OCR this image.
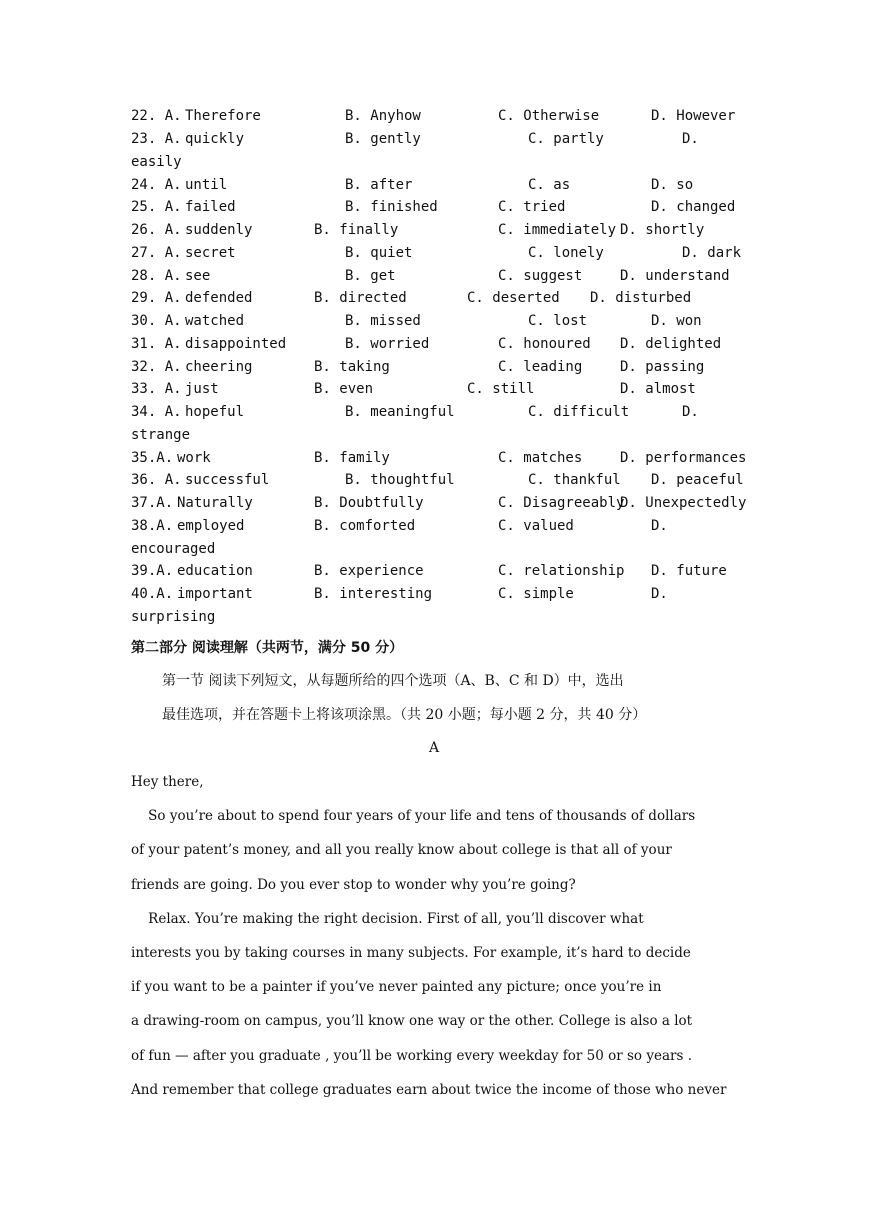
22. A. Therefore	B. Anyhow	C. Otherwise	D. However
23. A. quickly	B. gently	C. partly	D.
easily
24. A. until	B. after	C. as	D. so
25. A. failed	B. finished	C. tried	D. changed
26. A. suddenly	B. finally	C. immediately D. shortly
27. A. secret	B. quiet	C. lonely	D. dark
28. A. see	B. get	C. suggest	D. understand
29. A. defended	B. directed	C. deserted D. disturbed
30. A. watched	B. missed	C. lost	D. won
31. A. disappointed	B. worried	C. honoured D. delighted
32. A. cheering	B. taking	C. leading	D. passing
33. A. just	B. even	C. still	D. almost
34. A. hopeful	B. meaningful	C. difficult	D.
strange
35.A. work	B. family	C. matches	D. performances
36. A. successful	B. thoughtful	C. thankful D. peaceful
37.A. Naturally	B. Doubtfully	C. Disagreeably
D. Unexpectedly
38.A. employed	B. comforted	C. valued	D.
encouraged
39.A. education	B. experience	C. relationship D. future
40.A. important	B. interesting	C. simple	D.
surprising
第二部分 阅读理解（共两节，满分 50 分）
第一节 阅读下列短文，从每题所给的四个选项（A、B、C 和 D）中，选出
最佳选项，并在答题卡上将该项涂黑。（共 20 小题；每小题 2 分，共 40 分）
A
Hey there,
So you’re about to spend four years of your life and tens of thousands of dollars
of your patent’s money, and all you really know about college is that all of your
friends are going. Do you ever stop to wonder why you’re going?
Relax. You’re making the right decision. First of all, you’ll discover what
interests you by taking courses in many subjects. For example, it’s hard to decide
if you want to be a painter if you’ve never painted any picture; once you’re in
a drawing-room on campus, you’ll know one way or the other. College is also a lot
of fun — after you graduate , you’ll be working every weekday for 50 or so years .
And remember that college graduates earn about twice the income of those who never
